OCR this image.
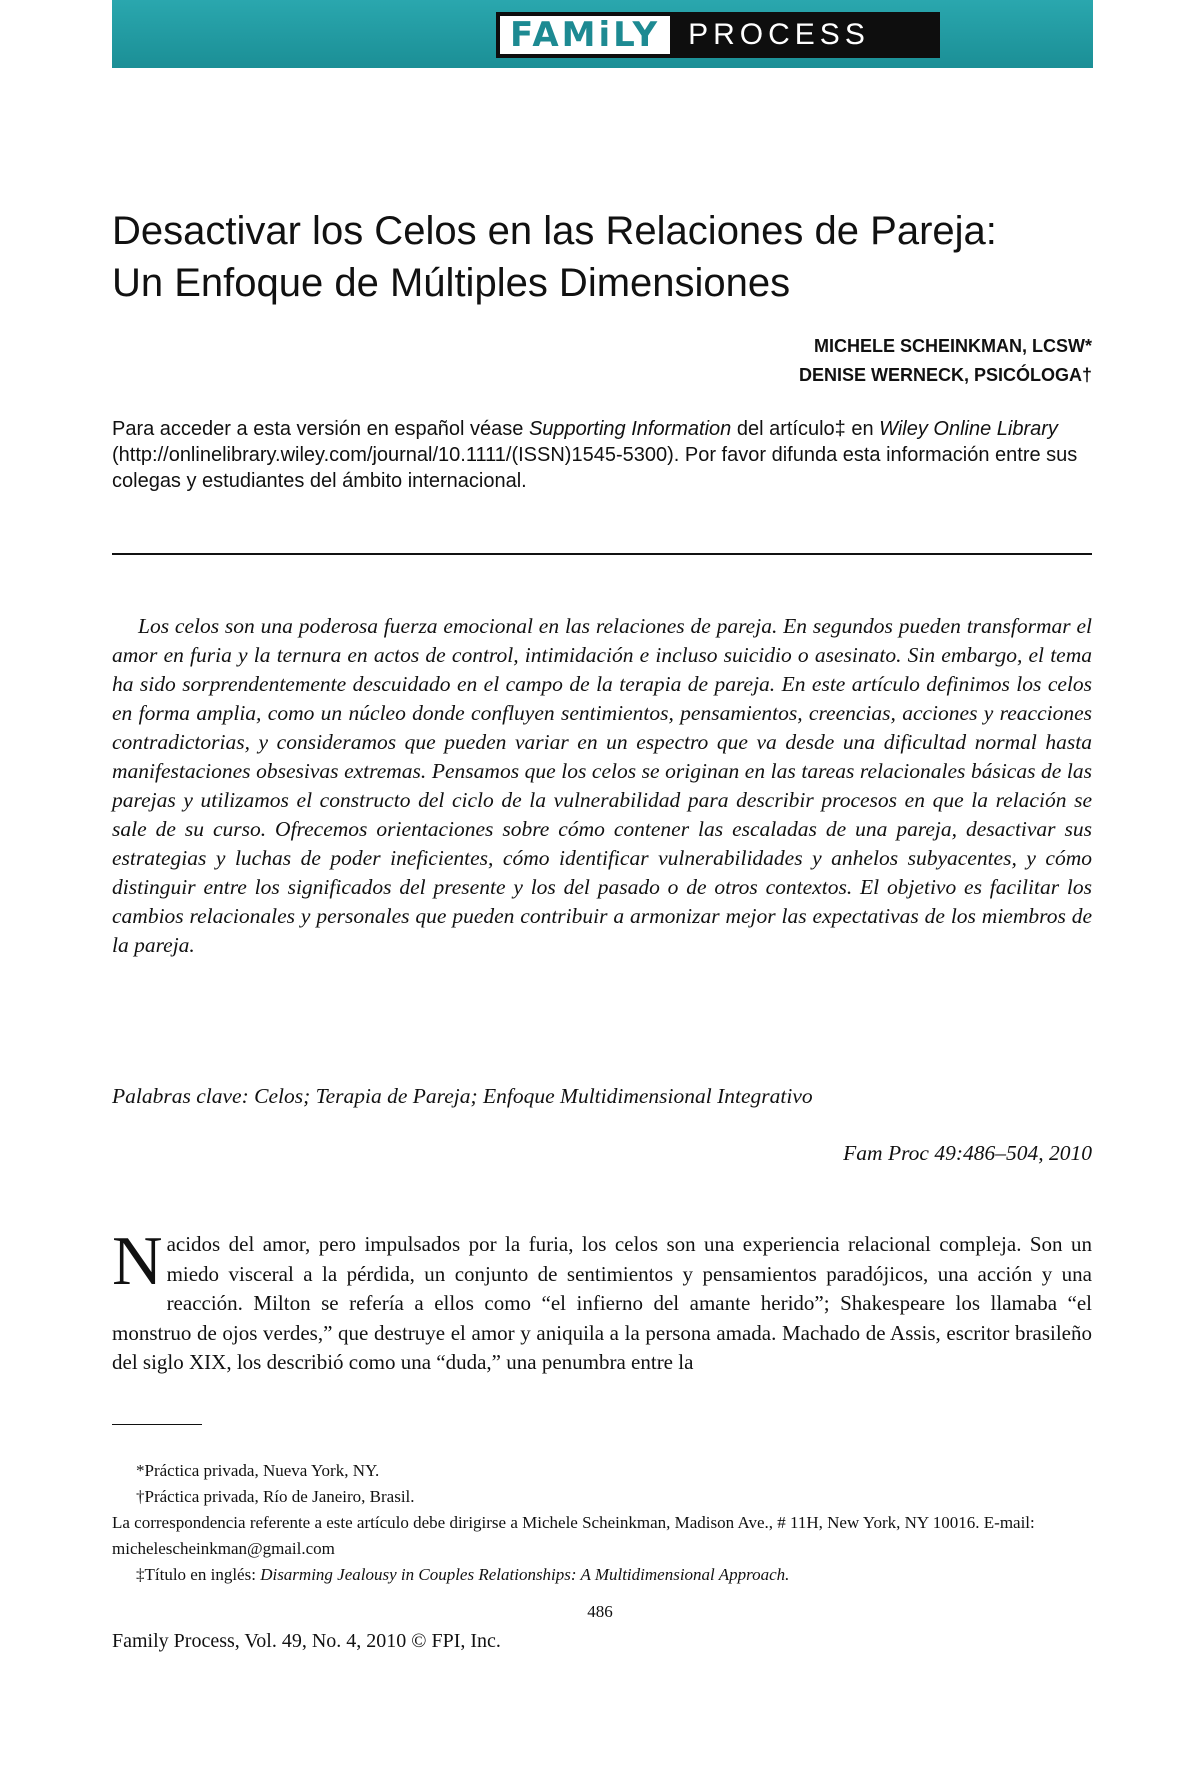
FAMiLY PROCESS
Desactivar los Celos en las Relaciones de Pareja:
Un Enfoque de Múltiples Dimensiones
MICHELE SCHEINKMAN, LCSW*
DENISE WERNECK, PSICÓLOGA†

Para acceder a esta versión en español véase Supporting Information del artículo‡ en Wiley Online Library (http://onlinelibrary.wiley.com/journal/10.1111/(ISSN)1545-5300). Por favor difunda esta información entre sus colegas y estudiantes del ámbito internacional.

Los celos son una poderosa fuerza emocional en las relaciones de pareja. En segundos pueden transformar el amor en furia y la ternura en actos de control, intimidación e incluso suicidio o asesinato. Sin embargo, el tema ha sido sorprendentemente descuidado en el campo de la terapia de pareja. En este artículo definimos los celos en forma amplia, como un núcleo donde confluyen sentimientos, pensamientos, creencias, acciones y reacciones contradictorias, y consideramos que pueden variar en un espectro que va desde una dificultad normal hasta manifestaciones obsesivas extremas. Pensamos que los celos se originan en las tareas relacionales básicas de las parejas y utilizamos el constructo del ciclo de la vulnerabilidad para describir procesos en que la relación se sale de su curso. Ofrecemos orientaciones sobre cómo contener las escaladas de una pareja, desactivar sus estrategias y luchas de poder ineficientes, cómo identificar vulnerabilidades y anhelos subyacentes, y cómo distinguir entre los significados del presente y los del pasado o de otros contextos. El objetivo es facilitar los cambios relacionales y personales que pueden contribuir a armonizar mejor las expectativas de los miembros de la pareja.

Palabras clave: Celos; Terapia de Pareja; Enfoque Multidimensional Integrativo

Fam Proc 49:486–504, 2010

Nacidos del amor, pero impulsados por la furia, los celos son una experiencia relacional compleja. Son un miedo visceral a la pérdida, un conjunto de sentimientos y pensamientos paradójicos, una acción y una reacción. Milton se refería a ellos como “el infierno del amante herido”; Shakespeare los llamaba “el monstruo de ojos verdes,” que destruye el amor y aniquila a la persona amada. Machado de Assis, escritor brasileño del siglo XIX, los describió como una “duda,” una penumbra entre la

*Práctica privada, Nueva York, NY.

†Práctica privada, Río de Janeiro, Brasil.

La correspondencia referente a este artículo debe dirigirse a Michele Scheinkman, Madison Ave., # 11H, New York, NY 10016. E-mail: michelescheinkman@gmail.com

‡Título en inglés: Disarming Jealousy in Couples Relationships: A Multidimensional Approach.

486
Family Process, Vol. 49, No. 4, 2010 © FPI, Inc.
